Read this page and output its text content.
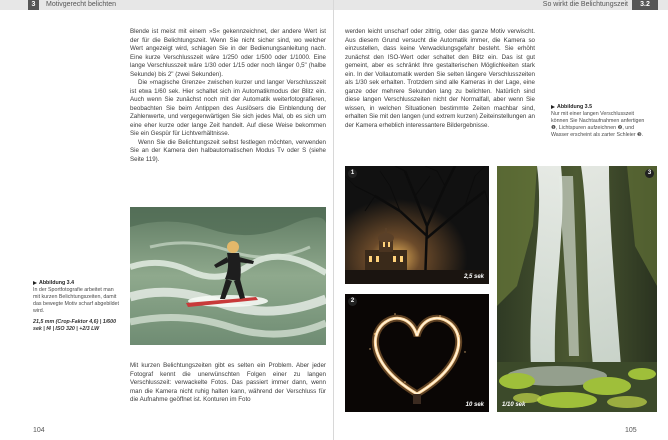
3	Motivgerecht belichten	So wirkt die Belichtungszeit	3.2

Blende ist meist mit einem »S« gekennzeichnet, der andere Wert ist der für die Belichtungszeit. Wenn Sie nicht sicher sind, wo welcher Wert angezeigt wird, schlagen Sie in der Bedienungsanleitung nach. Eine kurze Verschlusszeit wäre 1/250 oder 1/500 oder 1/1000. Eine lange Verschlusszeit wäre 1/30 oder 1/15 oder noch länger 0,5" (halbe Sekunde) bis 2" (zwei Sekunden).

Die »magische Grenze« zwischen kurzer und langer Verschlusszeit ist etwa 1/60 sek. Hier schaltet sich im Automatikmodus der Blitz ein. Auch wenn Sie zunächst noch mit der Automatik weiterfotografieren, beobachten Sie beim Antippen des Auslösers die Einblendung der Zahlenwerte, und vergegenwärtigen Sie sich jedes Mal, ob es sich um eine eher kurze oder lange Zeit handelt. Auf diese Weise bekommen Sie ein Gespür für Lichtverhältnisse.

Wenn Sie die Belichtungszeit selbst festlegen möchten, verwenden Sie an der Kamera den halbautomatischen Modus Tv oder S (siehe Seite 119).

Abbildung 3.4
In der Sportfotografie arbeitet man mit kurzen Belichtungszeiten, damit das bewegte Motiv scharf abgebildet wird.
21,5 mm (Crop-Faktor 4,6) | 1/600 sek | f4 | ISO 320 | +2/3 LW

Mit kurzen Belichtungszeiten gibt es selten ein Problem. Aber jeder Fotograf kennt die unerwünschten Folgen einer zu langen Verschlusszeit: verwackelte Fotos. Das passiert immer dann, wenn man die Kamera nicht ruhig halten kann, während der Verschluss für die Aufnahme geöffnet ist. Konturen im Foto

104

werden leicht unscharf oder zittrig, oder das ganze Motiv verwischt. Aus diesem Grund versucht die Automatik immer, die Kamera so einzustellen, dass keine Verwacklungsgefahr besteht. Sie erhöht zunächst den ISO-Wert oder schaltet den Blitz ein. Das ist gut gemeint, aber es schränkt Ihre gestalterischen Möglichkeiten stark ein. In der Vollautomatik werden Sie selten längere Verschlusszeiten als 1/30 sek erhalten. Trotzdem sind alle Kameras in der Lage, eine ganze oder mehrere Sekunden lang zu belichten. Natürlich sind diese langen Verschlusszeiten nicht der Normalfall, aber wenn Sie wissen, in welchen Situationen bestimmte Zeiten machbar sind, erhalten Sie mit den langen (und extrem kurzen) Zeiteinstellungen an der Kamera erheblich interessantere Bildergebnisse.

Abbildung 3.5
Nur mit einer langen Verschlusszeit können Sie Nachtaufnahmen anfertigen ❶, Lichtspuren aufzeichnen ❷, und Wasser erscheint als zarter Schleier ❸.
1
2,5 sek
2
10 sek
3
1/10 sek
105
